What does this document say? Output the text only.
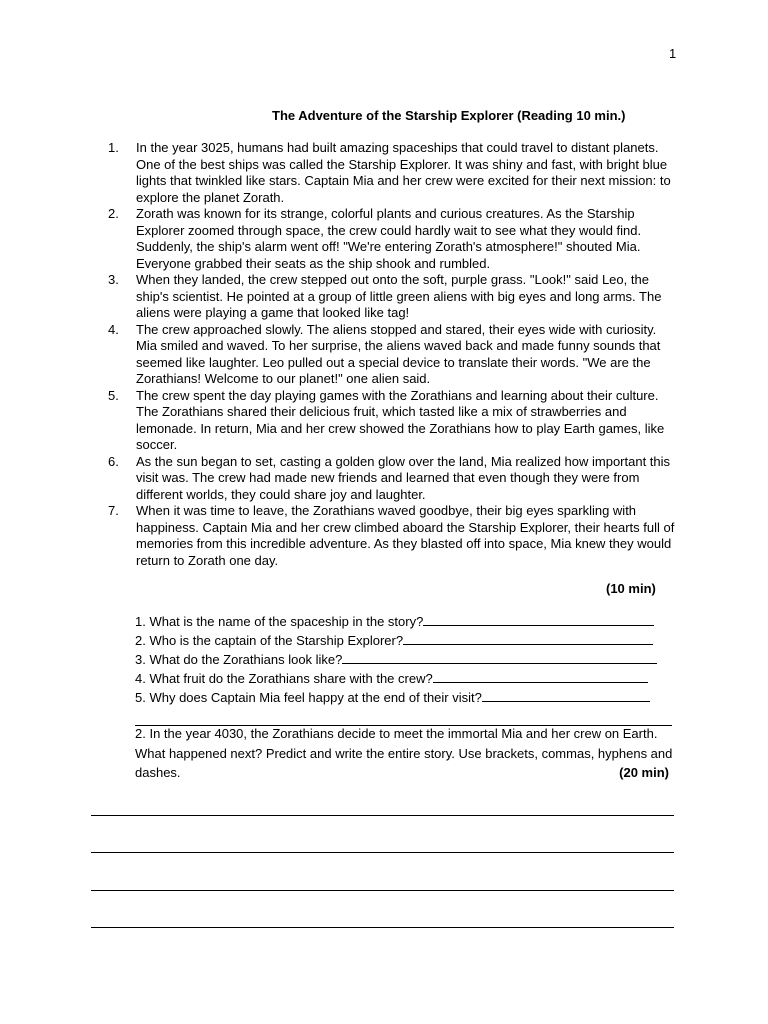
1
The Adventure of the Starship Explorer (Reading 10 min.)
1. In the year 3025, humans had built amazing spaceships that could travel to distant planets. One of the best ships was called the Starship Explorer. It was shiny and fast, with bright blue lights that twinkled like stars. Captain Mia and her crew were excited for their next mission: to explore the planet Zorath.
2. Zorath was known for its strange, colorful plants and curious creatures. As the Starship Explorer zoomed through space, the crew could hardly wait to see what they would find. Suddenly, the ship's alarm went off! "We're entering Zorath's atmosphere!" shouted Mia. Everyone grabbed their seats as the ship shook and rumbled.
3. When they landed, the crew stepped out onto the soft, purple grass. "Look!" said Leo, the ship's scientist. He pointed at a group of little green aliens with big eyes and long arms. The aliens were playing a game that looked like tag!
4. The crew approached slowly. The aliens stopped and stared, their eyes wide with curiosity. Mia smiled and waved. To her surprise, the aliens waved back and made funny sounds that seemed like laughter. Leo pulled out a special device to translate their words. "We are the Zorathians! Welcome to our planet!" one alien said.
5. The crew spent the day playing games with the Zorathians and learning about their culture. The Zorathians shared their delicious fruit, which tasted like a mix of strawberries and lemonade. In return, Mia and her crew showed the Zorathians how to play Earth games, like soccer.
6. As the sun began to set, casting a golden glow over the land, Mia realized how important this visit was. The crew had made new friends and learned that even though they were from different worlds, they could share joy and laughter.
7. When it was time to leave, the Zorathians waved goodbye, their big eyes sparkling with happiness. Captain Mia and her crew climbed aboard the Starship Explorer, their hearts full of memories from this incredible adventure. As they blasted off into space, Mia knew they would return to Zorath one day.
(10 min)
1. What is the name of the spaceship in the story?
2. Who is the captain of the Starship Explorer?
3. What do the Zorathians look like?
4. What fruit do the Zorathians share with the crew?
5. Why does Captain Mia feel happy at the end of their visit?
2. In the year 4030, the Zorathians decide to meet the immortal Mia and her crew on Earth. What happened next? Predict and write the entire story. Use brackets, commas, hyphens and dashes.	(20 min)
